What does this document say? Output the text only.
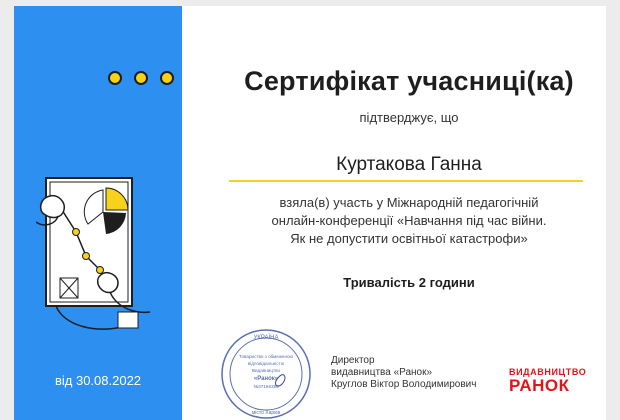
від 30.08.2022
Сертифікат учасниці(ка)
підтверджує, що
Куртакова Ганна
взяла(в) участь у Міжнародній педагогічній
онлайн-конференції «Навчання під час війни.
Як не допустити освітньої катастрофи»
Тривалість 2 години
УКРАЇНА
Товариство з обмеженою
відповідальністю
Видавництво
«Ранок»
№37186380
місто Харків
Директор
видавництва «Ранок»
Круглов Віктор Володимирович
ВИДАВНИЦТВО
РАНОК
